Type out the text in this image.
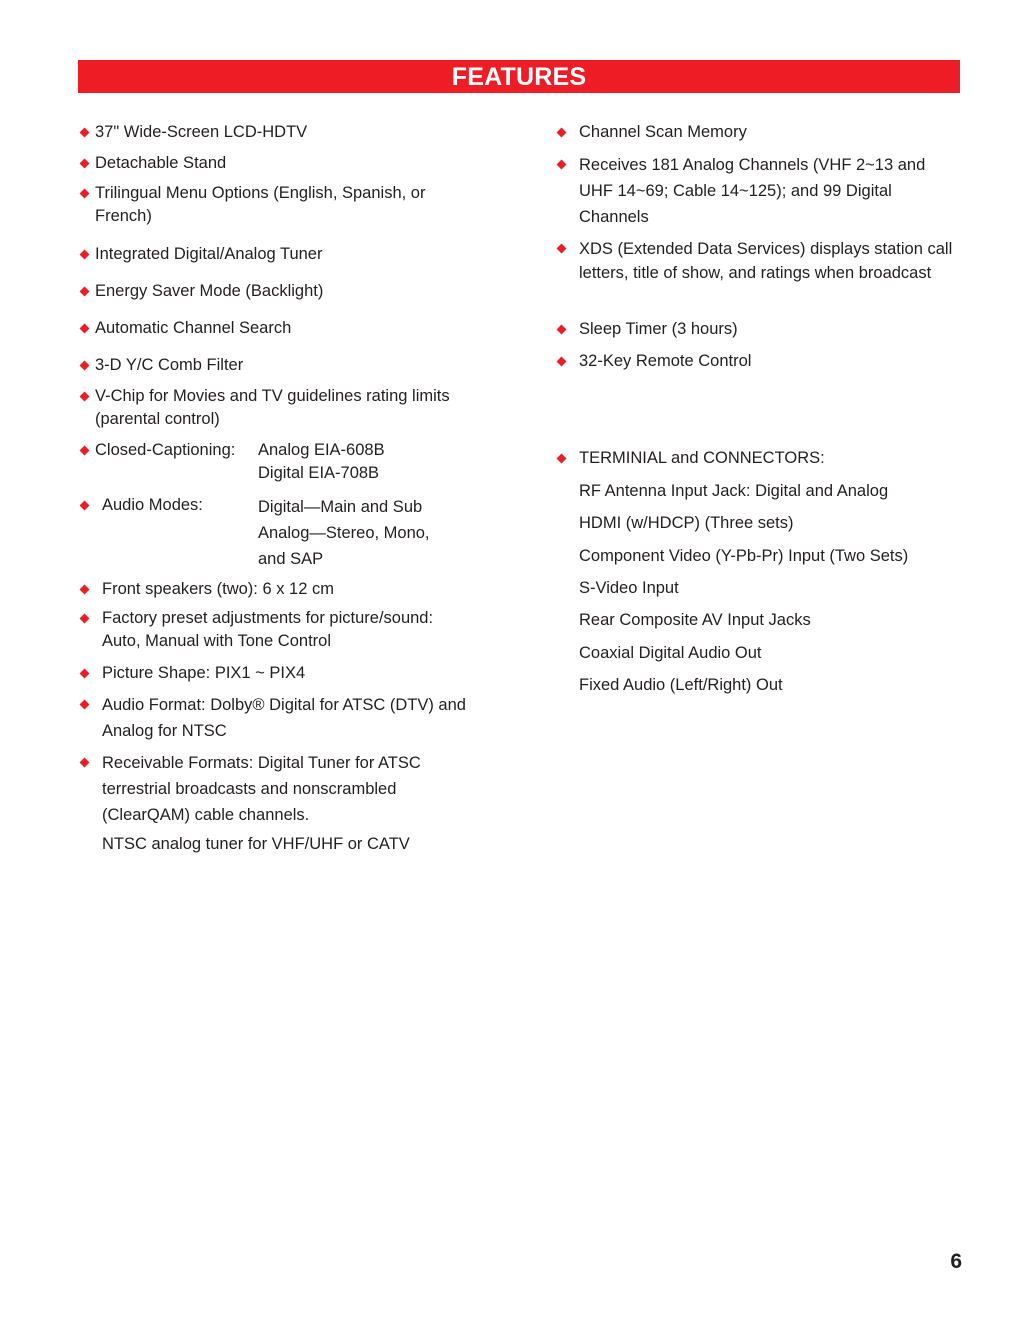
FEATURES
37" Wide-Screen LCD-HDTV
Detachable Stand
Trilingual Menu Options (English, Spanish, or French)
Integrated Digital/Analog Tuner
Energy Saver Mode (Backlight)
Automatic Channel Search
3-D Y/C Comb Filter
V-Chip for Movies and TV guidelines rating limits (parental control)
Closed-Captioning:	Analog EIA-608B
Digital EIA-708B
Audio Modes:	Digital—Main and Sub
Analog—Stereo, Mono,
and SAP
Front speakers (two): 6 x 12 cm
Factory preset adjustments for picture/sound: Auto, Manual with Tone Control
Picture Shape: PIX1 ~ PIX4
Audio Format: Dolby® Digital for ATSC (DTV) and Analog for NTSC
Receivable Formats: Digital Tuner for ATSC terrestrial broadcasts and nonscrambled (ClearQAM) cable channels.
NTSC analog tuner for VHF/UHF or CATV
Channel Scan Memory
Receives 181 Analog Channels (VHF 2~13 and UHF 14~69; Cable 14~125); and 99 Digital Channels
XDS (Extended Data Services) displays station call letters, title of show, and ratings when broadcast
Sleep Timer (3 hours)
32-Key Remote Control
TERMINIAL and CONNECTORS:
RF Antenna Input Jack: Digital and Analog
HDMI (w/HDCP) (Three sets)
Component Video (Y-Pb-Pr) Input (Two Sets)
S-Video Input
Rear Composite AV Input Jacks
Coaxial Digital Audio Out
Fixed Audio (Left/Right) Out
6
